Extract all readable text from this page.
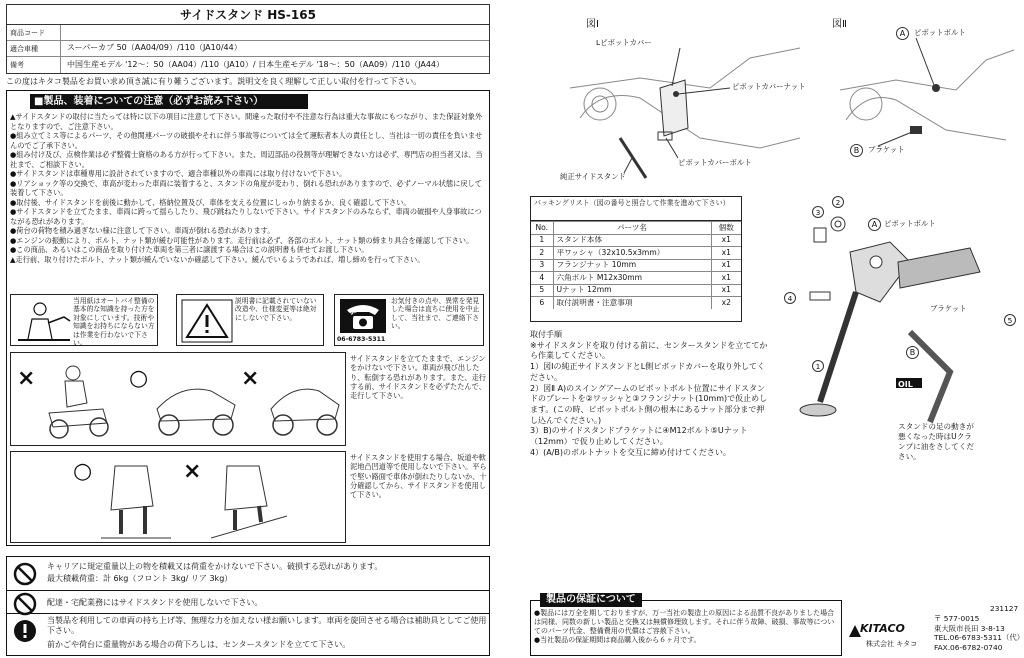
サイドスタンド HS-165
商品コード
適合車種	スーパーカブ 50（AA04/09）/110（JA10/44）
備考	中国生産モデル '12～：50（AA04）/110（JA10）/ 日本生産モデル '18～：50（AA09）/110（JA44）
この度はキタコ製品をお買い求め頂き誠に有り難うございます。説明文を良く理解して正しい取付を行って下さい。
■製品、装着についての注意（必ずお読み下さい）

▲サイドスタンドの取付に当たっては特に以下の項目に注意して下さい。間違った取付や不注意な行為は重大な事故にもつながり、また保証対象外となりますので、ご注意下さい。

●組み立てミス等によるパーツ、その他関連パーツの破損やそれに伴う事故等については全て運転者本人の責任とし、当社は一切の責任を負いませんのでご了承下さい。

●組み付け及び、点検作業は必ず整備士資格のある方が行って下さい。また、周辺部品の役割等が理解できない方は必ず、専門店の担当者又は、当社まで、ご相談下さい。

●サイドスタンドは車種専用に設計されていますので、適合車種以外の車両には取り付けないで下さい。

●リアショック等の交換で、車高が変わった車両に装着すると、スタンドの角度が変わり、倒れる恐れがありますので、必ずノーマル状態に戻して装着して下さい。

●取付後、サイドスタンドを前後に動かして、格納位置及び、車体を支える位置にしっかり納まるか、良く確認して下さい。

●サイドスタンドを立てたまま、車両に跨って揺らしたり、飛び跳ねたりしないで下さい。サイドスタンドのみならず、車両の破損や人身事故につながる恐れがあります。

●荷台の荷物を積み過ぎない様に注意して下さい。車両が倒れる恐れがあります。

●エンジンの振動により、ボルト、ナット類が緩む可能性があります。走行前は必ず、各部のボルト、ナット類の締まり具合を確認して下さい。

●この商品、あるいはこの商品を取り付けた車両を第三者に譲渡する場合はこの説明書も併せてお渡し下さい。

▲走行前、取り付けたボルト、ナット類が緩んでいないか確認して下さい。緩んでいるようであれば、増し締めを行って下さい。

当用紙はオートバイ整備の基本的な知識を持った方を対象にしています。技術や知識をお持ちにならない方は作業を行わないで下さい。
説明書に記載されていない改造や、仕様変更等は絶対にしないで下さい。	KITACO
06-6783-5311
お気付きの点や、異常を発見した場合は直ちに使用を中止して、当社まで、ご連絡下さい。
×	○	×
サイドスタンドを立てたままで、エンジンをかけないで下さい。車両が飛び出したり、転倒する恐れがあります。また、走行する前、サイドスタンドを必ずたたんで、走行して下さい。
○	×
サイドスタンドを使用する場合、坂道や軟泥地凸凹道等で使用しないで下さい。平らで堅い路面で車体が倒れたりしないか、十分確認してから、サイドスタンドを使用して下さい。
キャリアに規定重量以上の物を積載又は荷重をかけないで下さい。破損する恐れがあります。
最大積載荷重：計 6kg（フロント 3kg/ リア 3kg）
配達・宅配業務にはサイドスタンドを使用しないで下さい。
当製品を利用しての車両の持ち上げ等、無理な力を加えない様お願いします。車両を旋回させる場合は補助具としてご使用下さい。
前かごや荷台に重量物がある場合の荷下ろしは、センタースタンドを立てて下さい。
図Ⅰ
Lピボットカバー
ピボットカバーナット
ピボットカバーボルト
純正サイドスタンド
図Ⅱ
A	ピボットボルト
B	ブラケット
3
2
A ピボットボルト
4
ブラケット
5
1
B
OIL
スタンドの足の動きが悪くなった時はUクランプに油をさしてください。
パッキングリスト（図の番号と照合して作業を進めて下さい）
No.	パーツ名	個数
1	スタンド本体	x1
2	平ワッシャ（32x10.5x3mm）	x1
3	フランジナット 10mm	x1
4	六角ボルト M12x30mm	x1
5	Uナット 12mm	x1
6	取付説明書・注意事項	x2
取付手順
※サイドスタンドを取り付ける前に、センタースタンドを立ててから作業してください。
1）図Ⅰの純正サイドスタンドとL側ピボッドカバーを取り外してください。
2）図Ⅱ A)のスイングアームのピボットボルト位置にサイドスタンドのプレートを②ワッシャと③フランジナット(10mm)で仮止めします。(この時、ピボットボルト側の根本にあるナット部分まで押し込んでください。)
3）B)のサイドスタンドブラケットに④M12ボルト⑤Uナット（12mm）で仮り止めしてください。
4）(A/B)のボルトナットを交互に締め付けてください。
製品の保証について
●製品には万全を期しておりますが、万一当社の製造上の原因による品質不良がありました場合は同様、同数の新しい製品と交換又は無償修理致します。それに伴う故障、破損、事故等についてのパーツ代金、整備費用の代償はご容赦下さい。
●当社製品の保証期間は商品購入後から６ヶ月です。
231127
KITACO
株式会社 キタコ
〒 577-0015
東大阪市長田 3-8-13
TEL.06-6783-5311（代）
FAX.06-6782-0740
